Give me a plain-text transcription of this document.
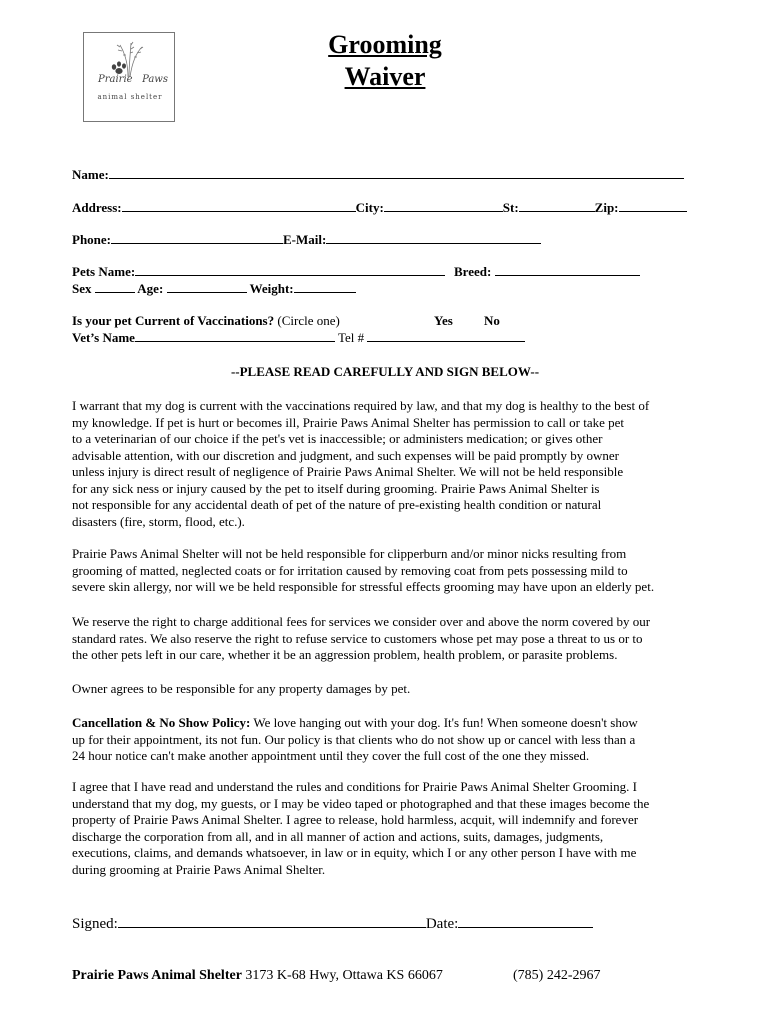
Prairie Paws
animal shelter
Grooming
Waiver
Name:
Address:	City:	St:	Zip:
Phone:	E-Mail:
Pets Name:	Breed:
Sex	Age:	Weight:
Is your pet Current of Vaccinations? (Circle one)	Yes No
Vet’s Name	Tel #
--PLEASE READ CAREFULLY AND SIGN BELOW--
I warrant that my dog is current with the vaccinations required by law, and that my dog is healthy to the best of
my knowledge. If pet is hurt or becomes ill, Prairie Paws Animal Shelter has permission to call or take pet
to a veterinarian of our choice if the pet's vet is inaccessible; or administers medication; or gives other
advisable attention, with our discretion and judgment, and such expenses will be paid promptly by owner
unless injury is direct result of negligence of Prairie Paws Animal Shelter. We will not be held responsible
for any sick ness or injury caused by the pet to itself during grooming. Prairie Paws Animal Shelter is
not responsible for any accidental death of pet of the nature of pre-existing health condition or natural
disasters (fire, storm, flood, etc.).
Prairie Paws Animal Shelter will not be held responsible for clipperburn and/or minor nicks resulting from
grooming of matted, neglected coats or for irritation caused by removing coat from pets possessing mild to
severe skin allergy, nor will we be held responsible for stressful effects grooming may have upon an elderly pet.
We reserve the right to charge additional fees for services we consider over and above the norm covered by our
standard rates. We also reserve the right to refuse service to customers whose pet may pose a threat to us or to
the other pets left in our care, whether it be an aggression problem, health problem, or parasite problems.
Owner agrees to be responsible for any property damages by pet.
Cancellation & No Show Policy: We love hanging out with your dog. It's fun! When someone doesn't show
up for their appointment, its not fun. Our policy is that clients who do not show up or cancel with less than a
24 hour notice can't make another appointment until they cover the full cost of the one they missed.
I agree that I have read and understand the rules and conditions for Prairie Paws Animal Shelter Grooming. I
understand that my dog, my guests, or I may be video taped or photographed and that these images become the
property of Prairie Paws Animal Shelter. I agree to release, hold harmless, acquit, will indemnify and forever
discharge the corporation from all, and in all manner of action and actions, suits, damages, judgments,
executions, claims, and demands whatsoever, in law or in equity, which I or any other person I have with me
during grooming at Prairie Paws Animal Shelter.
Signed:	Date:
Prairie Paws Animal Shelter 3173 K-68 Hwy, Ottawa KS 66067	(785) 242-2967
